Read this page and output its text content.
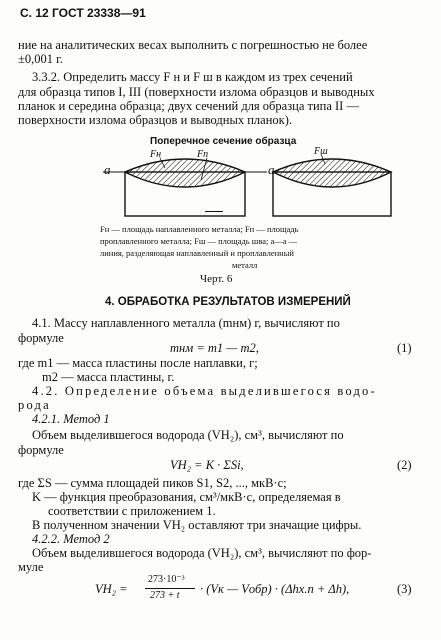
С. 12 ГОСТ 23338—91
ние на аналитических весах выполнить с погрешностью не более
±0,001 г.
3.3.2. Определить массу F н и F ш в каждом из трех сечений
для образца типов I, III (поверхности излома образцов и выводных
планок и середина образца; двух сечений для образца типа II —
поверхности излома образцов и выводных планок).
Поперечное сечение образца
a	a
Fн	Fп	Fш
Fн — площадь наплавленного металла; Fп — площадь
проплавленного металла; Fш — площадь шва; а—а —
линия, разделяющая наплавленный и проплавленный
металл
Черт. 6
4. ОБРАБОТКА РЕЗУЛЬТАТОВ ИЗМЕРЕНИЙ
4.1. Массу наплавленного металла (mнм) г, вычисляют по
формуле
mнм = m1 — m2,	(1)
где m1 — масса пластины после наплавки, г;
m2 — масса пластины, г.
4.2. Определение объема выделившегося водо-
рода
4.2.1. Метод 1
Объем выделившегося водорода (VH₂), см³, вычисляют по
формуле
VH₂ = K · ΣSi,	(2)
где ΣS — сумма площадей пиков S1, S2, ..., мкВ·с;
K — функция преобразования, см³/мкВ·с, определяемая в
соответствии с приложением 1.
В полученном значении VH₂ оставляют три значащие цифры.
4.2.2. Метод 2
Объем выделившегося водорода (VH₂), см³, вычисляют по фор-
муле
VH₂ =
273·10⁻³
273 + t · (Vк — Vобр) · (Δhх.п + Δh),	(3)
